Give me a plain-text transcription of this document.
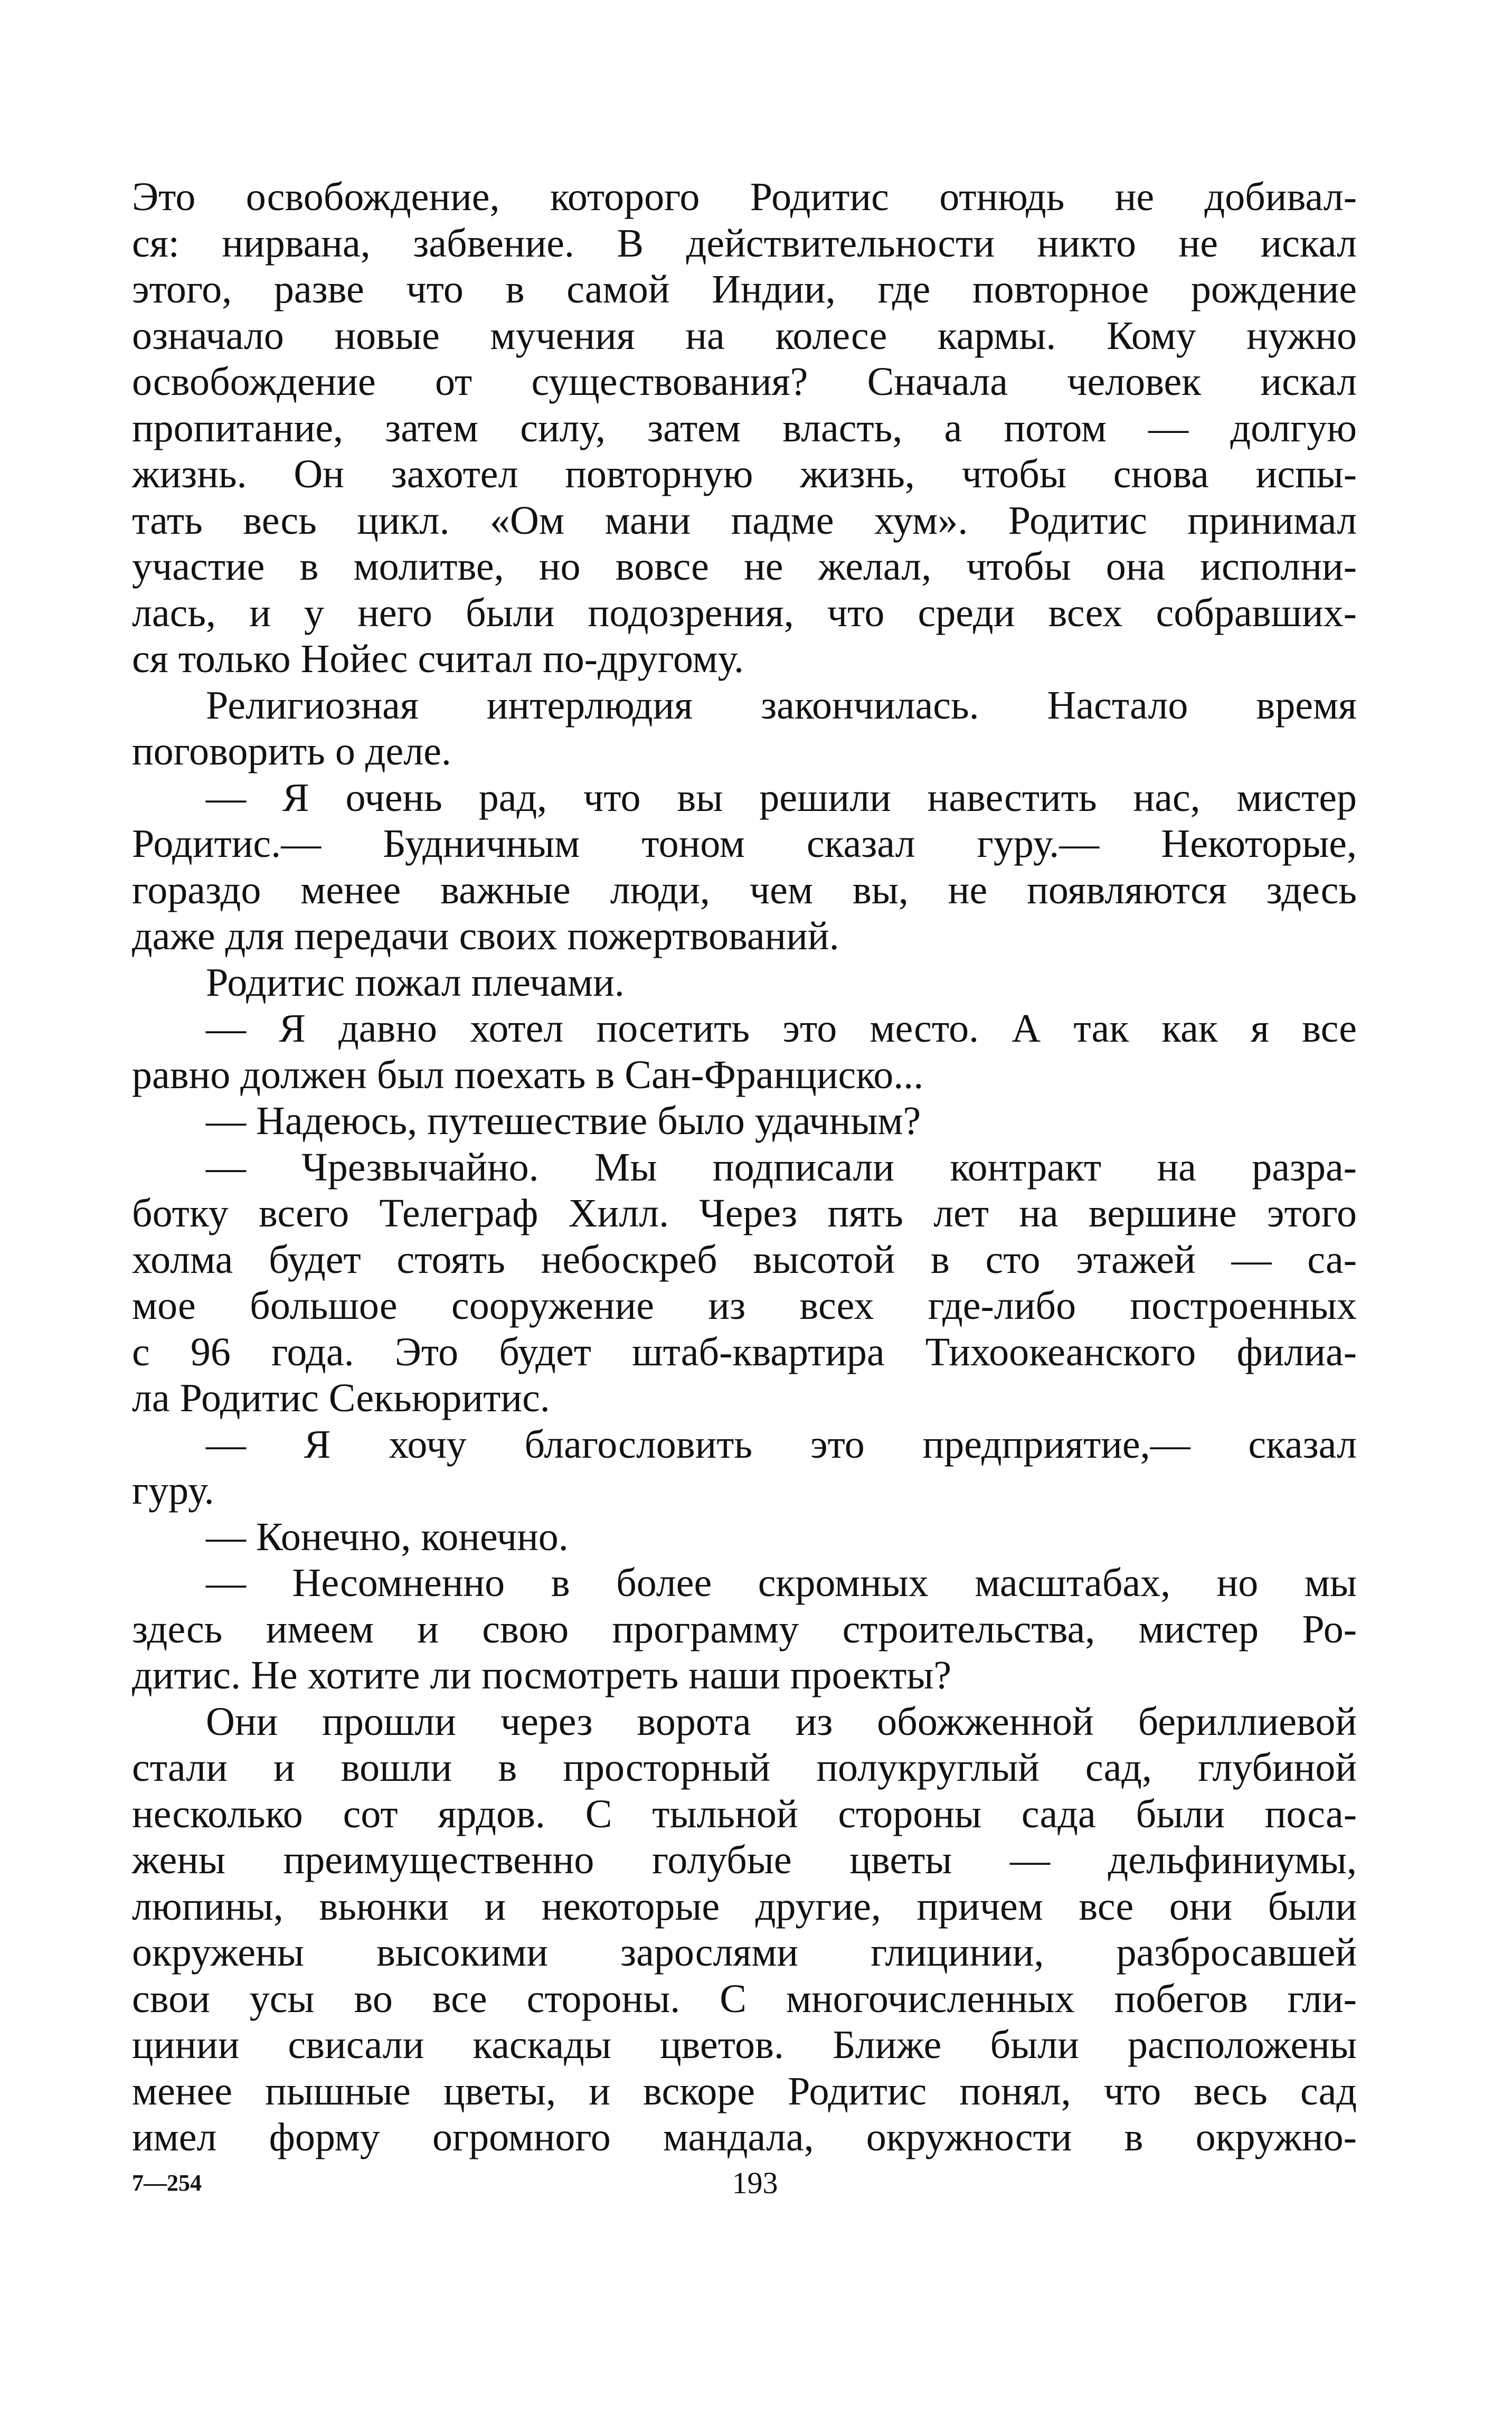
Это освобождение, которого Родитис отнюдь не добивал-
ся: нирвана, забвение. В действительности никто не искал
этого, разве что в самой Индии, где повторное рождение
означало новые мучения на колесе кармы. Кому нужно
освобождение от существования? Сначала человек искал
пропитание, затем силу, затем власть, а потом — долгую
жизнь. Он захотел повторную жизнь, чтобы снова испы-
тать весь цикл. «Ом мани падме хум». Родитис принимал
участие в молитве, но вовсе не желал, чтобы она исполни-
лась, и у него были подозрения, что среди всех собравших-
ся только Нойес считал по-другому.
Религиозная интерлюдия закончилась. Настало время
поговорить о деле.
— Я очень рад, что вы решили навестить нас, мистер
Родитис.— Будничным тоном сказал гуру.— Некоторые,
гораздо менее важные люди, чем вы, не появляются здесь
даже для передачи своих пожертвований.
Родитис пожал плечами.
— Я давно хотел посетить это место. А так как я все
равно должен был поехать в Сан-Франциско...
— Надеюсь, путешествие было удачным?
— Чрезвычайно. Мы подписали контракт на разра-
ботку всего Телеграф Хилл. Через пять лет на вершине этого
холма будет стоять небоскреб высотой в сто этажей — са-
мое большое сооружение из всех где-либо построенных
с 96 года. Это будет штаб-квартира Тихоокеанского филиа-
ла Родитис Секьюритис.
— Я хочу благословить это предприятие,— сказал
гуру.
— Конечно, конечно.
— Несомненно в более скромных масштабах, но мы
здесь имеем и свою программу строительства, мистер Ро-
дитис. Не хотите ли посмотреть наши проекты?
Они прошли через ворота из обожженной бериллиевой
стали и вошли в просторный полукруглый сад, глубиной
несколько сот ярдов. С тыльной стороны сада были поса-
жены преимущественно голубые цветы — дельфиниумы,
люпины, вьюнки и некоторые другие, причем все они были
окружены высокими зарослями глицинии, разбросавшей
свои усы во все стороны. С многочисленных побегов гли-
цинии свисали каскады цветов. Ближе были расположены
менее пышные цветы, и вскоре Родитис понял, что весь сад
имел форму огромного мандала, окружности в окружно-
7—254	193
